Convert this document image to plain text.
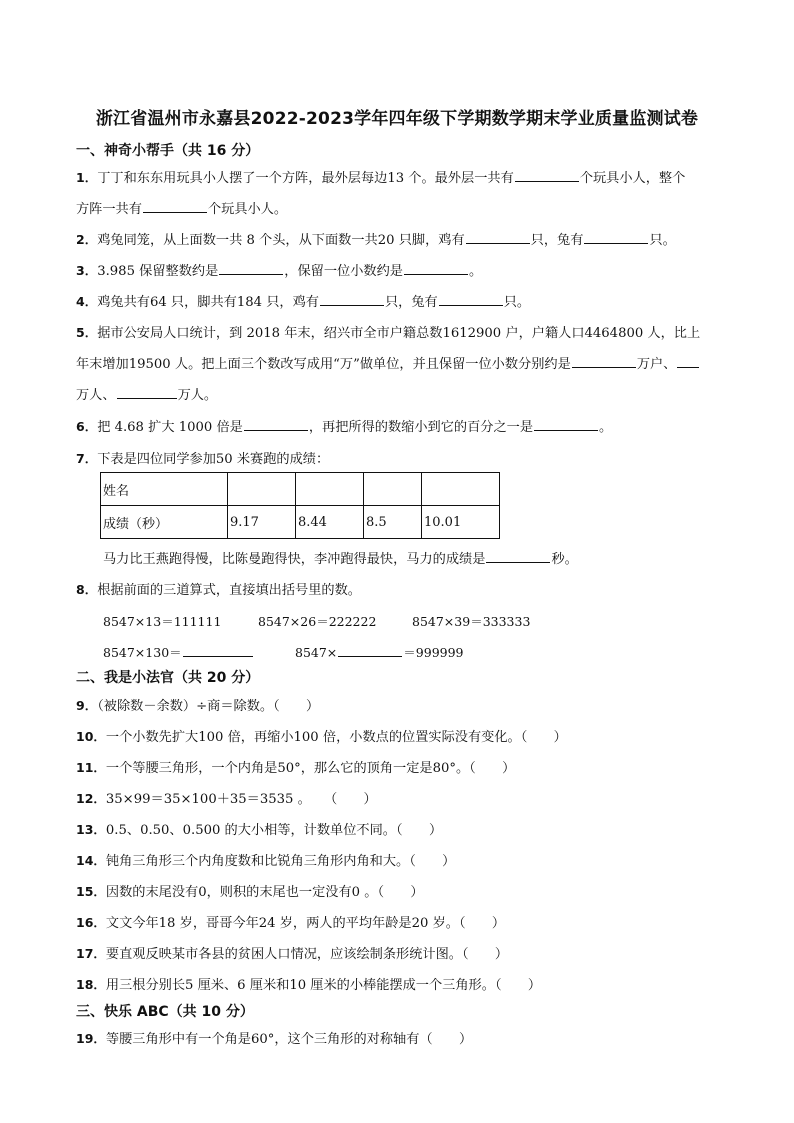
浙江省温州市永嘉县2022-2023学年四年级下学期数学期末学业质量监测试卷
一、神奇小帮手（共 16 分）
1．丁丁和东东用玩具小人摆了一个方阵，最外层每边13 个。最外层一共有	个玩具小人，整个
方阵一共有	个玩具小人。
2．鸡兔同笼，从上面数一共 8 个头，从下面数一共20 只脚，鸡有	只，兔有	只。
3．3.985 保留整数约是	，保留一位小数约是	。
4．鸡兔共有64 只，脚共有184 只，鸡有	只，兔有	只。
5．据市公安局人口统计，到 2018 年末，绍兴市全市户籍总数1612900 户，户籍人口4464800 人，比上
年末增加19500 人。把上面三个数改写成用“万”做单位，并且保留一位小数分别约是	万户、
万人、	万人。
6．把 4.68 扩大 1000 倍是	，再把所得的数缩小到它的百分之一是	。
7．下表是四位同学参加50 米赛跑的成绩：
姓名				
成绩（秒）	9.17	8.44	8.5	10.01
马力比王燕跑得慢，比陈曼跑得快，李冲跑得最快，马力的成绩是	秒。
8．根据前面的三道算式，直接填出括号里的数。
8547×13＝111111	8547×26＝222222	8547×39＝333333
8547×130＝	8547×	＝999999
二、我是小法官（共 20 分）
9．（被除数－余数）÷商＝除数。（　　）
10．一个小数先扩大100 倍，再缩小100 倍，小数点的位置实际没有变化。（　　）
11．一个等腰三角形，一个内角是50°，那么它的顶角一定是80°。（　　）
12．35×99＝35×100＋35＝3535 。　　（　　）
13．0.5、0.50、0.500 的大小相等，计数单位不同。（　　）
14．钝角三角形三个内角度数和比锐角三角形内角和大。（　　）
15．因数的末尾没有0，则积的末尾也一定没有0 。（　　）
16．文文今年18 岁，哥哥今年24 岁，两人的平均年龄是20 岁。（　　）
17．要直观反映某市各县的贫困人口情况，应该绘制条形统计图。（　　）
18．用三根分别长5 厘米、6 厘米和10 厘米的小棒能摆成一个三角形。（　　）
三、快乐 ABC（共 10 分）
19．等腰三角形中有一个角是60°，这个三角形的对称轴有（　　）
